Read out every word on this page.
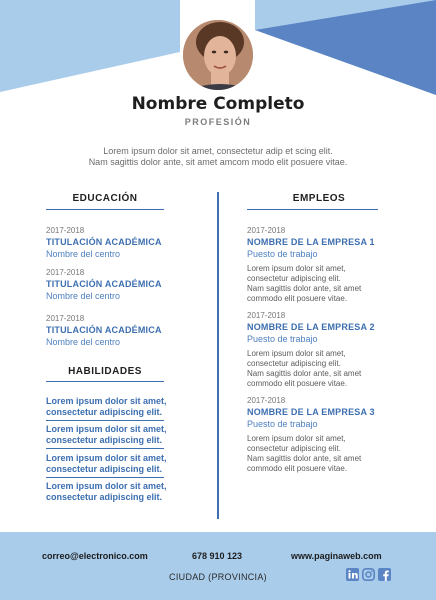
Nombre Completo
PROFESIÓN
Lorem ipsum dolor sit amet, consectetur adip et scing elit.
Nam sagittis dolor ante, sit amet amcom modo elit posuere vitae.
EDUCACIÓN
2017-2018
TITULACIÓN ACADÉMICA
Nombre del centro
2017-2018
TITULACIÓN ACADÉMICA
Nombre del centro
2017-2018
TITULACIÓN ACADÉMICA
Nombre del centro
HABILIDADES
Lorem ipsum dolor sit amet,
consectetur adipiscing elit.
Lorem ipsum dolor sit amet,
consectetur adipiscing elit.
Lorem ipsum dolor sit amet,
consectetur adipiscing elit.
Lorem ipsum dolor sit amet,
consectetur adipiscing elit.
EMPLEOS
2017-2018
NOMBRE DE LA EMPRESA 1
Puesto de trabajo
Lorem ipsum dolor sit amet,
consectetur adipiscing elit.
Nam sagittis dolor ante, sit amet
commodo elit posuere vitae.
2017-2018
NOMBRE DE LA EMPRESA 2
Puesto de trabajo
Lorem ipsum dolor sit amet,
consectetur adipiscing elit.
Nam sagittis dolor ante, sit amet
commodo elit posuere vitae.
2017-2018
NOMBRE DE LA EMPRESA 3
Puesto de trabajo
Lorem ipsum dolor sit amet,
consectetur adipiscing elit.
Nam sagittis dolor ante, sit amet
commodo elit posuere vitae.
correo@electronico.com	678 910 123	www.paginaweb.com
CIUDAD (PROVINCIA)
